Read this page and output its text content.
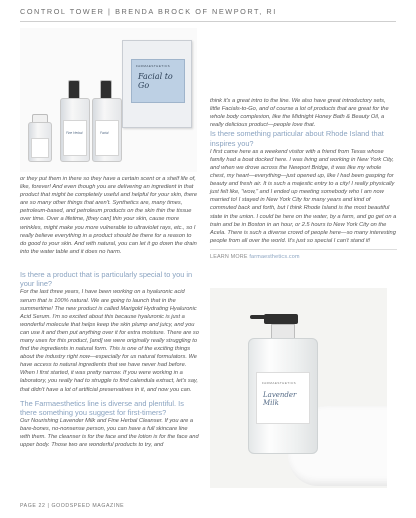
CONTROL TOWER | BRENDA BROCK OF NEWPORT, RI
FARMAESTHETICS
Facial to Go
Fine Herbal	Facial

think it's a great intro to the line. We also have great introductory sets, little Facials-to-Go, and of course a lot of products that are great for the whole body complexion, like the Midnight Honey Bath & Beauty Oil, a really delicious product—people love that.

Is there something particular about Rhode Island that inspires you?

I first came here as a weekend visitor with a friend from Texas whose family had a boat docked here. I was living and working in New York City, and when we drove across the Newport Bridge, it was like my whole chest, my heart—everything—just opened up, like I had been gasping for beauty and fresh air. It is such a majestic entry to a city! I really physically just felt like, "wow," and I ended up meeting somebody who I am now married to! I stayed in New York City for many years and kind of commuted back and forth, but I think Rhode Island is the most beautiful state in the union. I could be here on the water, by a farm, and go get on a train and be in Boston in an hour, or 2.5 hours to New York City on the Acela. There is such a diverse crowd of people here—so many interesting people from all over the world. It's just so special I can't stand it!

LEARN MORE farmaesthetics.com

or they put them in there so they have a certain scent or a shelf life of, like, forever! And even though you are delivering an ingredient in that product that might be completely useful and helpful for your skin, there are so many other things that aren't. Synthetics are, many times, petroleum-based, and petroleum products on the skin thin the tissue over time. Over a lifetime, [they can] thin your skin, cause more wrinkles, might make you more vulnerable to ultraviolet rays, etc., so I really believe everything in a product should be there for a reason to do good to your skin. And with natural, you can let it go down the drain into the water table and it does no harm.

Is there a product that is particularly special to you in your line?

For the last three years, I have been working on a hyaluronic acid serum that is 100% natural. We are going to launch that in the summertime! The new product is called Marigold Hydrating Hyaluronic Acid Serum. I'm so excited about this because hyaluronic is just a wonderful molecule that helps keep the skin plump and juicy, and you can use it and then put anything over it for extra moisture. There are so many uses for this product, [and] we were originally really struggling to find the ingredients in natural form. This is one of the exciting things about the industry right now—especially for us natural formulators. We have access to natural ingredients that we have never had before. When I first started, it was pretty narrow. If you were working in a laboratory, you really had to struggle to find calendula extract, let's say, that didn't have a lot of artificial preservatives in it, and now you can.

The Farmaesthetics line is diverse and plentiful. Is there something you suggest for first-timers?

Our Nourishing Lavender Milk and Fine Herbal Cleanser. If you are a bare-bones, no-nonsense person, you can have a full skincare line with them. The cleanser is for the face and the lotion is for the face and upper body. Those two are wonderful products to try, and

FARMAESTHETICS
Lavender Milk
PAGE 22 | GOODSPEED MAGAZINE
